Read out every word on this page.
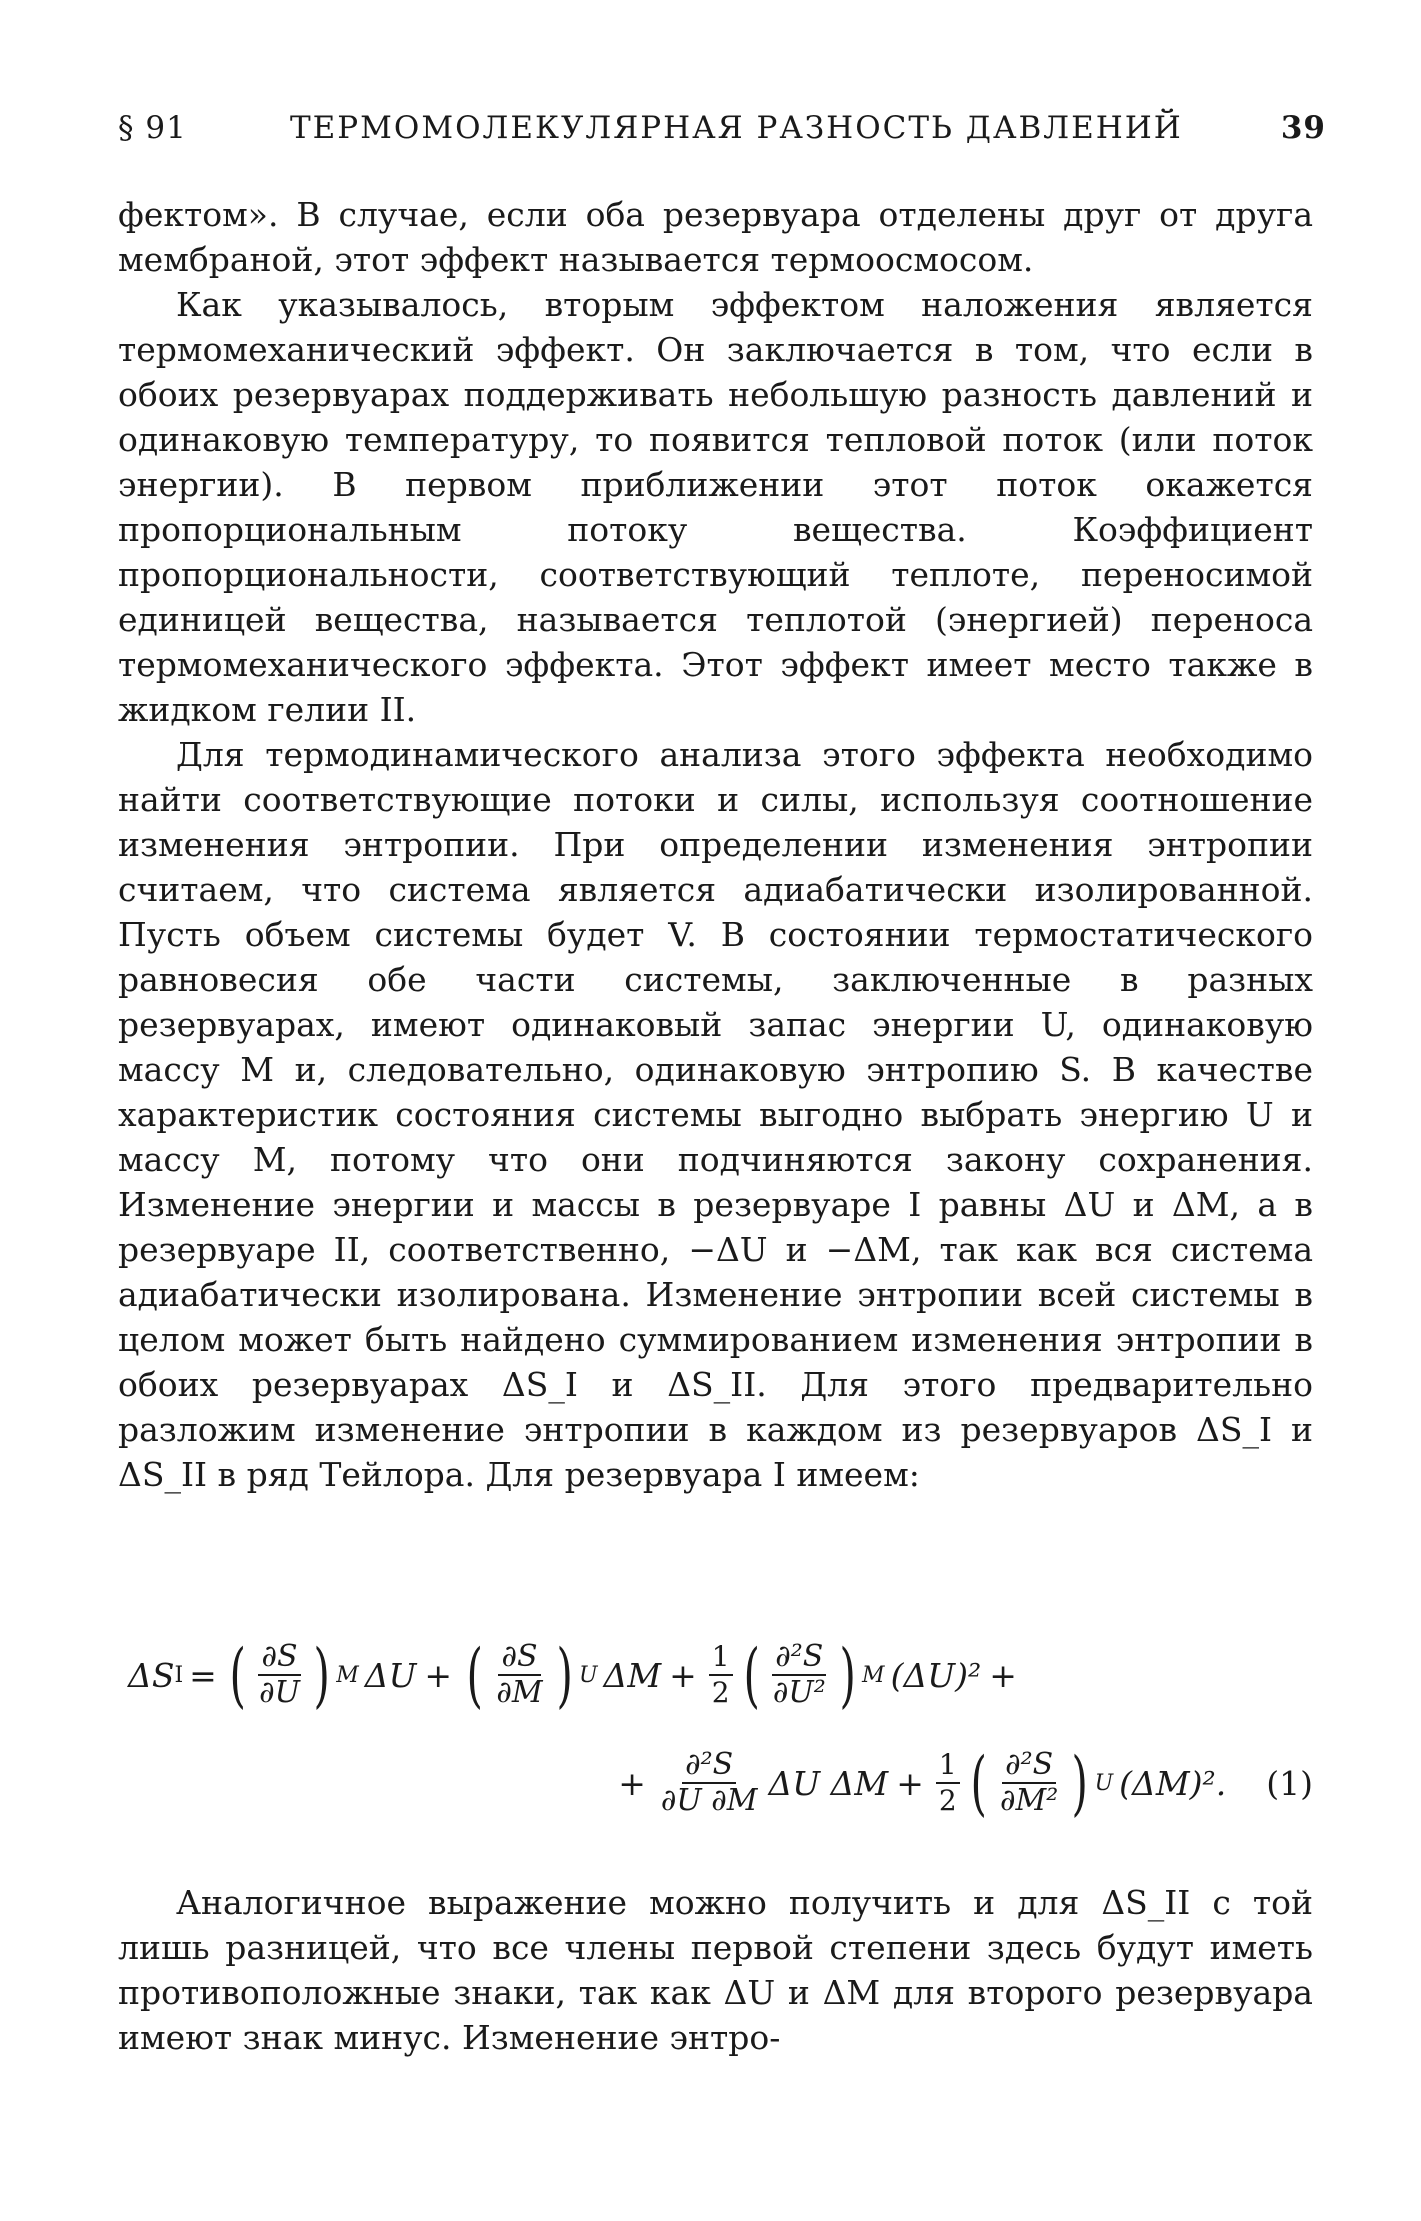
§ 91	ТЕРМОМОЛЕКУЛЯРНАЯ РАЗНОСТЬ ДАВЛЕНИЙ	39

фектом». В случае, если оба резервуара отделены друг от друга мембраной, этот эффект называется термоосмосом.

Как указывалось, вторым эффектом наложения является термомеханический эффект. Он заключается в том, что если в обоих резервуарах поддерживать небольшую разность давлений и одинаковую температуру, то появится тепловой поток (или поток энергии). В первом приближении этот поток окажется пропорциональным потоку вещества. Коэффициент пропорциональности, соответствующий теплоте, переносимой единицей вещества, называется теплотой (энергией) переноса термомеханического эффекта. Этот эффект имеет место также в жидком гелии II.

Для термодинамического анализа этого эффекта необходимо найти соответствующие потоки и силы, используя соотношение изменения энтропии. При определении изменения энтропии считаем, что система является адиабатически изолированной. Пусть объем системы будет V. В состоянии термостатического равновесия обе части системы, заключенные в разных резервуарах, имеют одинаковый запас энергии U, одинаковую массу M и, следовательно, одинаковую энтропию S. В качестве характеристик состояния системы выгодно выбрать энергию U и массу M, потому что они подчиняются закону сохранения. Изменение энергии и массы в резервуаре I равны ΔU и ΔM, а в резервуаре II, соответственно, −ΔU и −ΔM, так как вся система адиабатически изолирована. Изменение энтропии всей системы в целом может быть найдено суммированием изменения энтропии в обоих резервуарах ΔS_I и ΔS_II. Для этого предварительно разложим изменение энтропии в каждом из резервуаров ΔS_I и ΔS_II в ряд Тейлора. Для резервуара I имеем:

ΔS I = ( $\frac{\partial S}{\partial U}$ ) M ΔU + ( $\frac{\partial S}{\partial M}$ ) U $\Delta M + \frac{1}{2}$ ( $\frac{\text{∂²S}}{\text{∂U²}}$ ) M (ΔU)² +
+ $\frac{\text{∂²S}}{\partial U \partial M}$ ΔU $\Delta M + \frac{1}{2}$ ( $\frac{\text{∂²S}}{\text{∂M²}}$ ) U (ΔM)². (1)

Аналогичное выражение можно получить и для ΔS_II с той лишь разницей, что все члены первой степени здесь будут иметь противоположные знаки, так как ΔU и ΔM для второго резервуара имеют знак минус. Изменение энтро-
